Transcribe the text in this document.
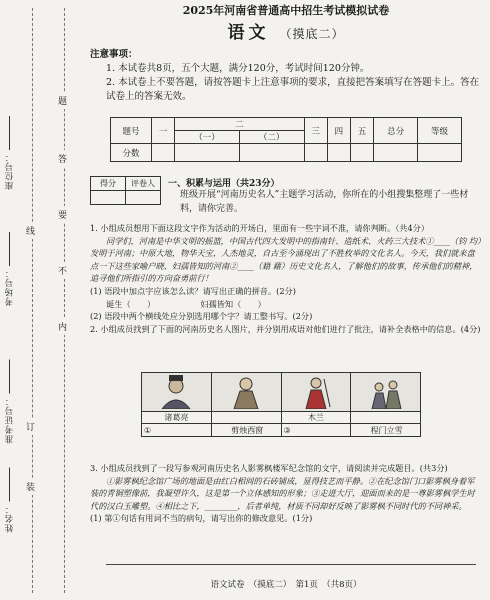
姓名：
准考证号：
考场号：
座位号：
装
订
线
内
不
要
答
题
2025年河南省普通高中招生考试模拟试卷
语文 （摸底二）
注意事项：
1. 本试卷共8页，五个大题，满分120分，考试时间120分钟。
2. 本试卷上不要答题，请按答题卡上注意事项的要求，直接把答案填写在答题卡上。答在试卷上的答案无效。
题号	一	二		三	四	五	总分	等级
		（一）	（二）					
分数								
得分	评卷人
	一、积累与运用（共23分）
班级开展“河南历史名人”主题学习活动，你所在的小组搜集整理了一些材料，请你完善。

1. 小组成员想用下面这段文字作为活动的开场白，里面有一些字词不准，请你判断。（共4分）

同学们，河南是中华文明的摇篮，中国古代四大发明中的指南针、造纸术、火药三大技术①____（钧 均）发明于河南；中原大地，物华天宝，人杰地灵，自古至今涌现出了不胜枚举的文化名人。今天，我们就来盘点一下这些家喻户晓、妇孺皆知的河南②____（籍 藉）历史文化名人，了解他们的故事，传承他们的精神，追寻他们所指引的方向奋勇前行！

(1) 语段中加点字应该怎么读？请写出正确的拼音。(2分)

诞生（　　）	妇孺皆知（　　）

(2) 语段中两个横线处应分别选用哪个字？请工整书写。(2分)

2. 小组成员找到了下面的河南历史名人图片，并分别用成语对他们进行了批注，请补全表格中的信息。(4分)

诸葛亮		木兰	
①	剪烛西窗	③	程门立雪

3. 小组成员找到了一段写参观河南历史名人影雾枫楼军纪念馆的文字，请阅读并完成题目。(共3分)

①影雾枫纪念馆广场的地面是由红白相间的石砖铺成，显得技艺而平静。②在纪念馆门口影雾枫身着军装的青铜塑像前，我凝望许久，这是第一个立体感知的形象；③走进大厅，迎面而来的是一尊影雾枫学生时代的汉白玉雕塑。④相比之下，________，后者单纯，材质不同却好反映了影雾枫不同时代的不同神采。

(1) 第①句话有用词不当的病句，请写出你的修改意见。(1分)

语文试卷　（摸底二）　第1页　（共8页）
